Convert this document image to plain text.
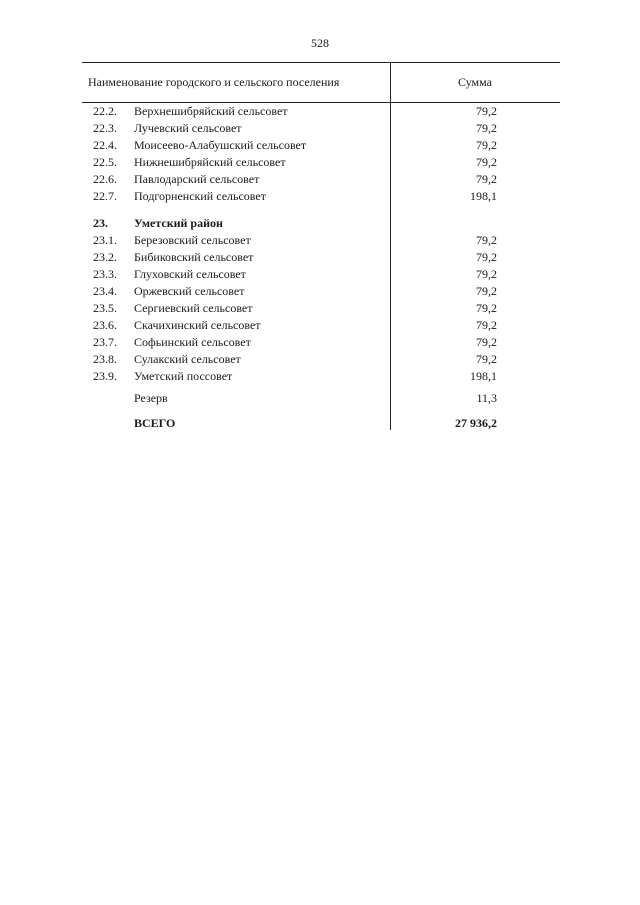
528
Наименование городского и сельского поселения	Сумма
22.2. Верхнешибряйский сельсовет	79,2
22.3. Лучевский сельсовет	79,2
22.4. Моисеево-Алабушский сельсовет	79,2
22.5. Нижнешибряйский сельсовет	79,2
22.6. Павлодарский сельсовет	79,2
22.7. Подгорненский сельсовет	198,1
23. Уметский район
23.1. Березовский сельсовет	79,2
23.2. Бибиковский сельсовет	79,2
23.3. Глуховский сельсовет	79,2
23.4. Оржевский сельсовет	79,2
23.5. Сергиевский сельсовет	79,2
23.6. Скачихинский сельсовет	79,2
23.7. Софьинский сельсовет	79,2
23.8. Сулакский сельсовет	79,2
23.9. Уметский поссовет	198,1
Резерв	11,3
ВСЕГО	27 936,2
